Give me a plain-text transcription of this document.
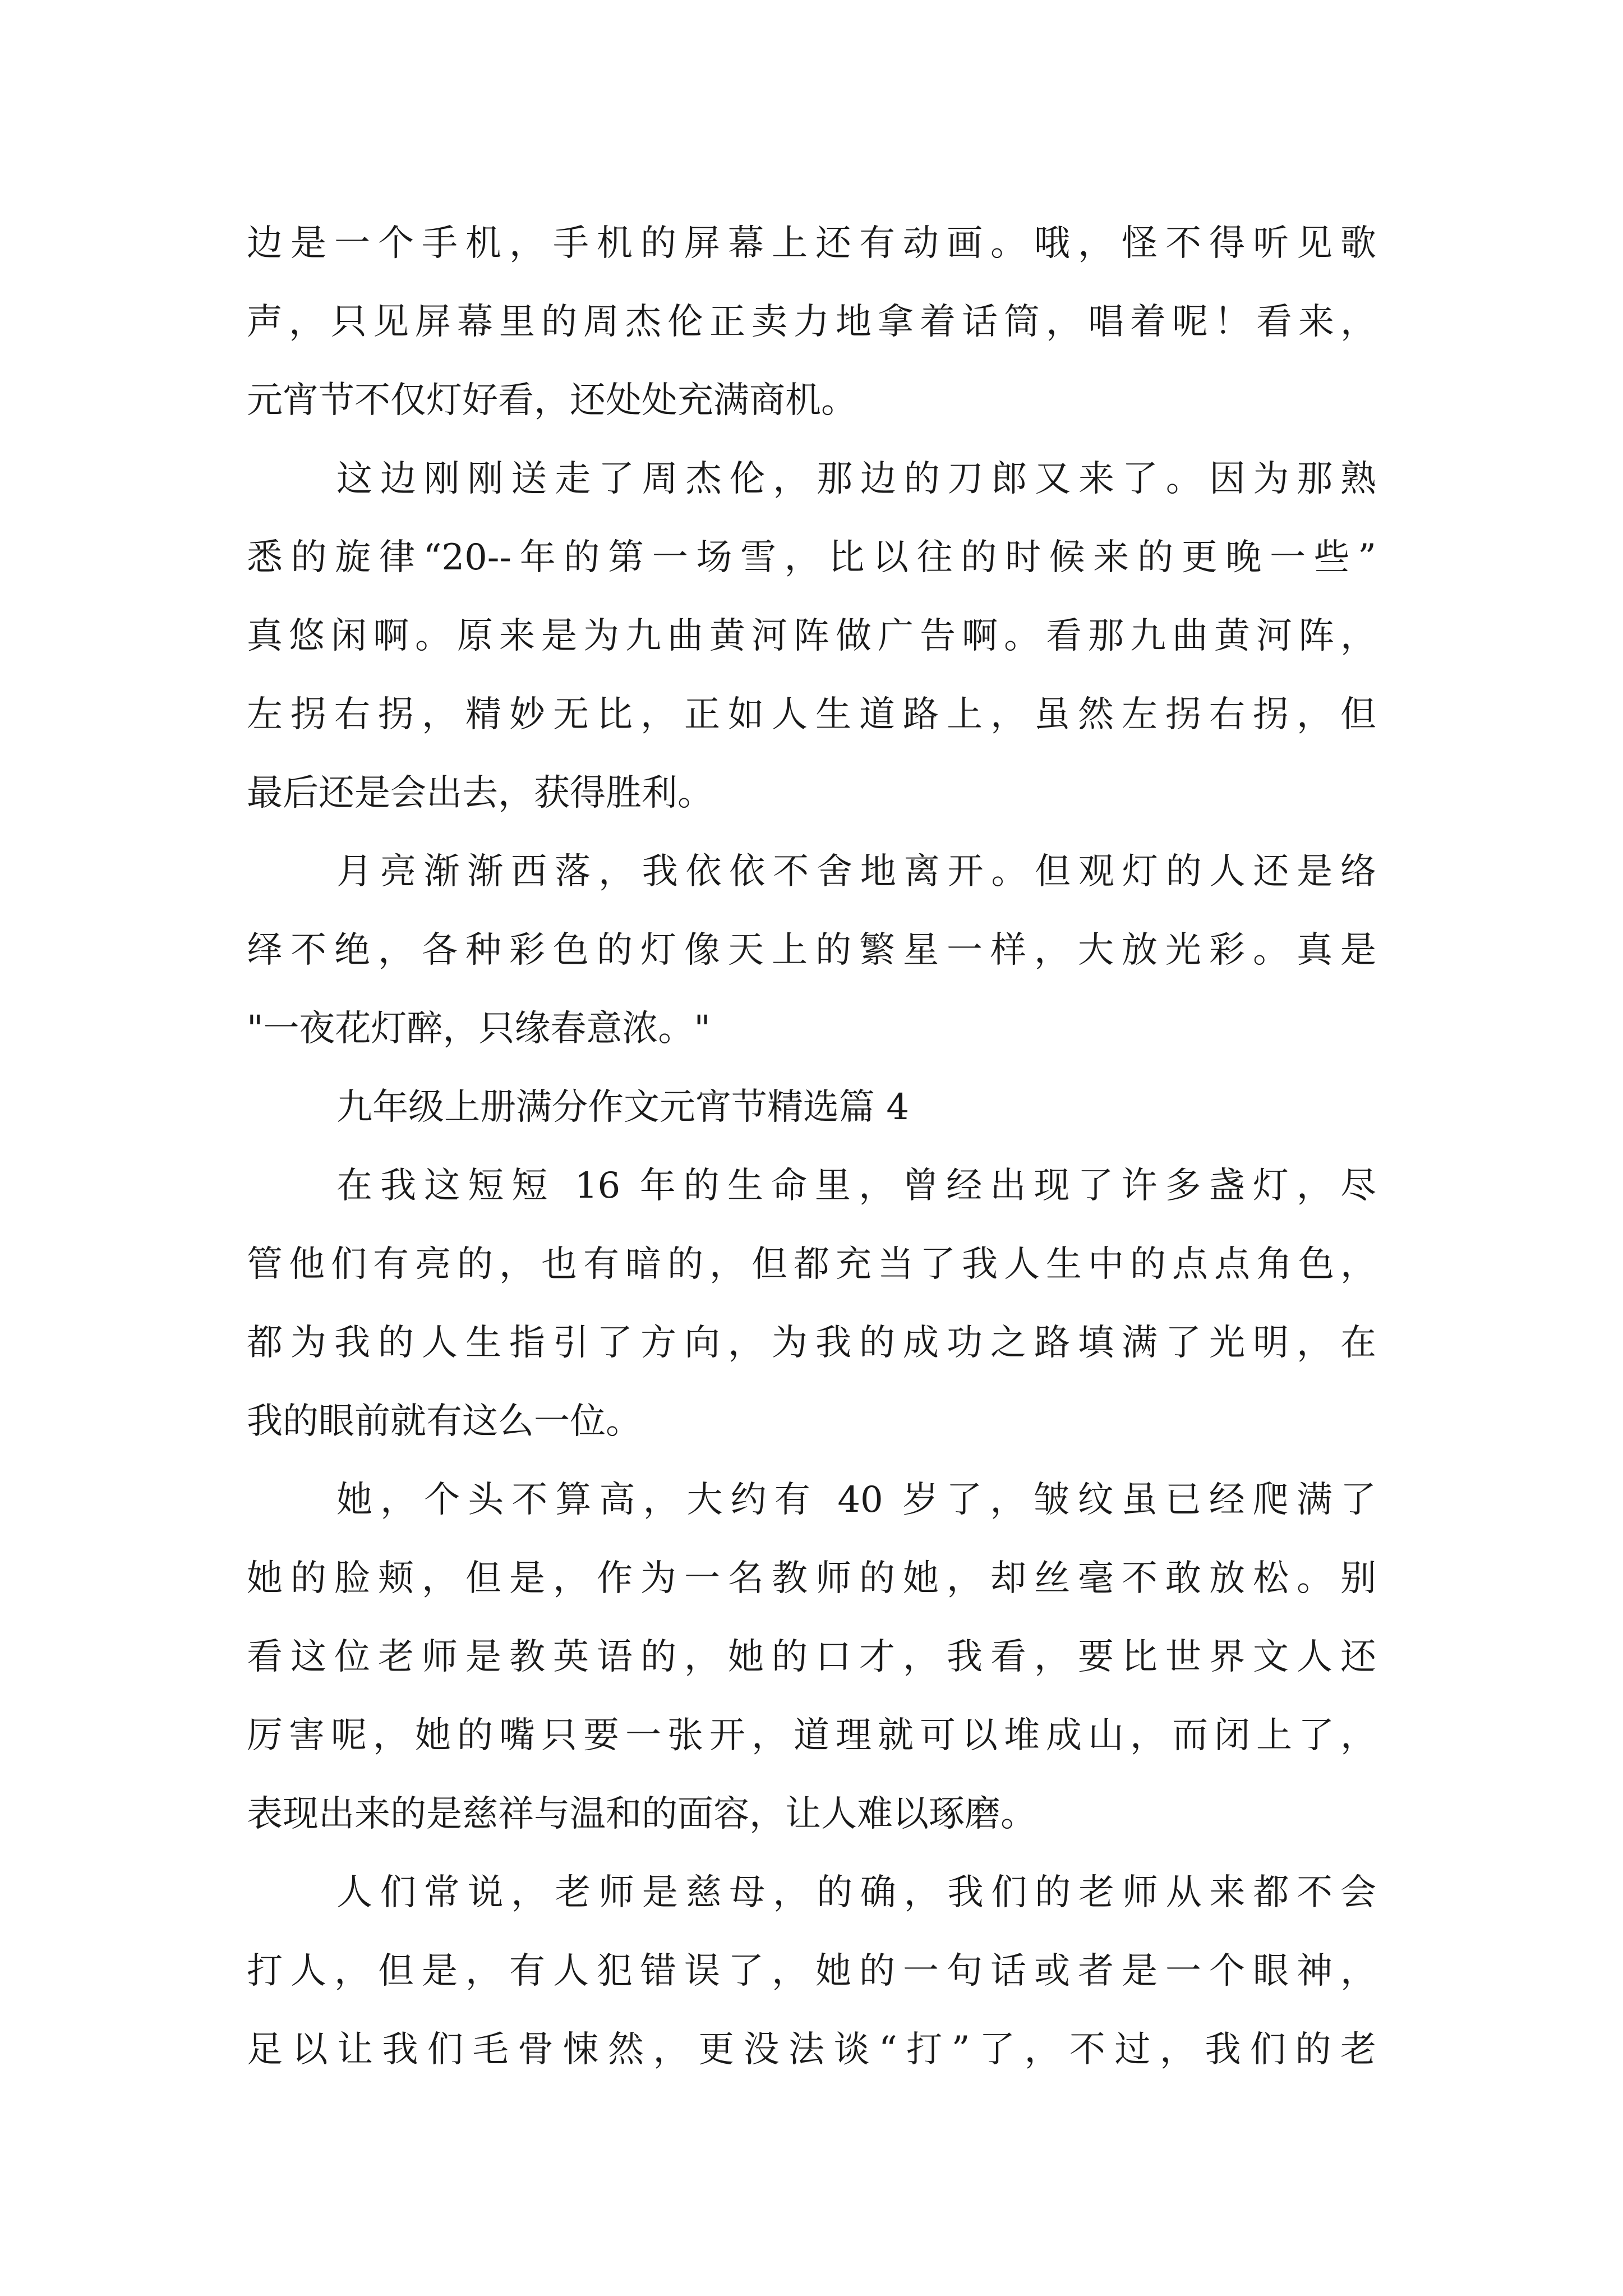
边是一个手机，手机的屏幕上还有动画。哦，怪不得听见歌
声，只见屏幕里的周杰伦正卖力地拿着话筒，唱着呢！看来，
元宵节不仅灯好看，还处处充满商机。
这边刚刚送走了周杰伦，那边的刀郎又来了。因为那熟
悉的旋律“20--年的第一场雪，比以往的时候来的更晚一些”
真悠闲啊。原来是为九曲黄河阵做广告啊。看那九曲黄河阵，
左拐右拐，精妙无比，正如人生道路上，虽然左拐右拐，但
最后还是会出去，获得胜利。
月亮渐渐西落，我依依不舍地离开。但观灯的人还是络
绎不绝，各种彩色的灯像天上的繁星一样，大放光彩。真是
"一夜花灯醉，只缘春意浓。"
九年级上册满分作文元宵节精选篇 4
在我这短短 16 年的生命里，曾经出现了许多盏灯，尽
管他们有亮的，也有暗的，但都充当了我人生中的点点角色，
都为我的人生指引了方向，为我的成功之路填满了光明，在
我的眼前就有这么一位。
她，个头不算高，大约有 40 岁了，皱纹虽已经爬满了
她的脸颊，但是，作为一名教师的她，却丝毫不敢放松。别
看这位老师是教英语的，她的口才，我看，要比世界文人还
厉害呢，她的嘴只要一张开，道理就可以堆成山，而闭上了，
表现出来的是慈祥与温和的面容，让人难以琢磨。
人们常说，老师是慈母，的确，我们的老师从来都不会
打人，但是，有人犯错误了，她的一句话或者是一个眼神，
足以让我们毛骨悚然，更没法谈“打”了，不过，我们的老
